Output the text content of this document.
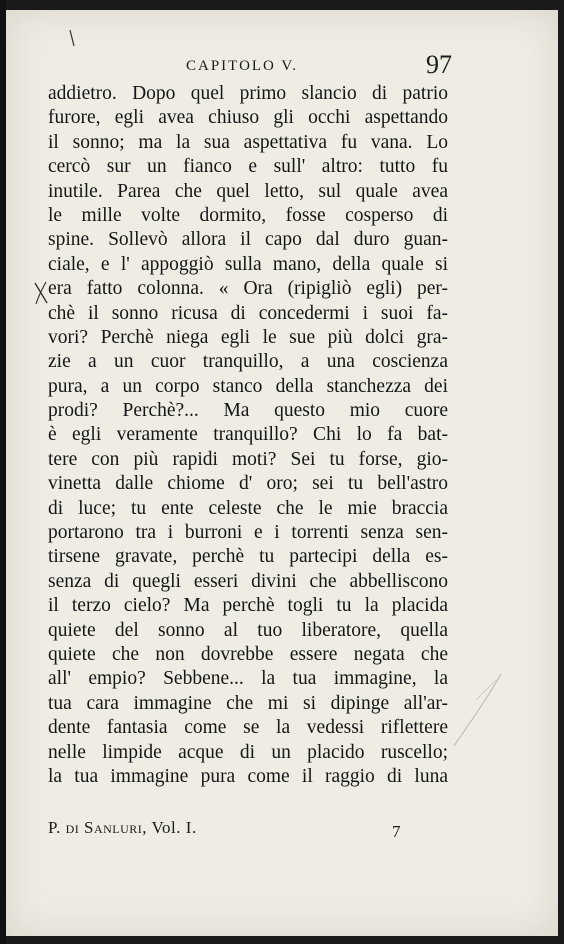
CAPITOLO V.	97
addietro. Dopo quel primo slancio di patrio
furore, egli avea chiuso gli occhi aspettando
il sonno; ma la sua aspettativa fu vana. Lo
cercò sur un fianco e sull' altro: tutto fu
inutile. Parea che quel letto, sul quale avea
le mille volte dormito, fosse cosperso di
spine. Sollevò allora il capo dal duro guan-
ciale, e l' appoggiò sulla mano, della quale si
era fatto colonna. « Ora (ripigliò egli) per-
chè il sonno ricusa di concedermi i suoi fa-
vori? Perchè niega egli le sue più dolci gra-
zie a un cuor tranquillo, a una coscienza
pura, a un corpo stanco della stanchezza dei
prodi? Perchè?... Ma questo mio cuore
è egli veramente tranquillo? Chi lo fa bat-
tere con più rapidi moti? Sei tu forse, gio-
vinetta dalle chiome d' oro; sei tu bell'astro
di luce; tu ente celeste che le mie braccia
portarono tra i burroni e i torrenti senza sen-
tirsene gravate, perchè tu partecipi della es-
senza di quegli esseri divini che abbelliscono
il terzo cielo? Ma perchè togli tu la placida
quiete del sonno al tuo liberatore, quella
quiete che non dovrebbe essere negata che
all' empio? Sebbene... la tua immagine, la
tua cara immagine che mi si dipinge all'ar-
dente fantasia come se la vedessi riflettere
nelle limpide acque di un placido ruscello;
la tua immagine pura come il raggio di luna
P. di Sanluri, Vol. I.	7
